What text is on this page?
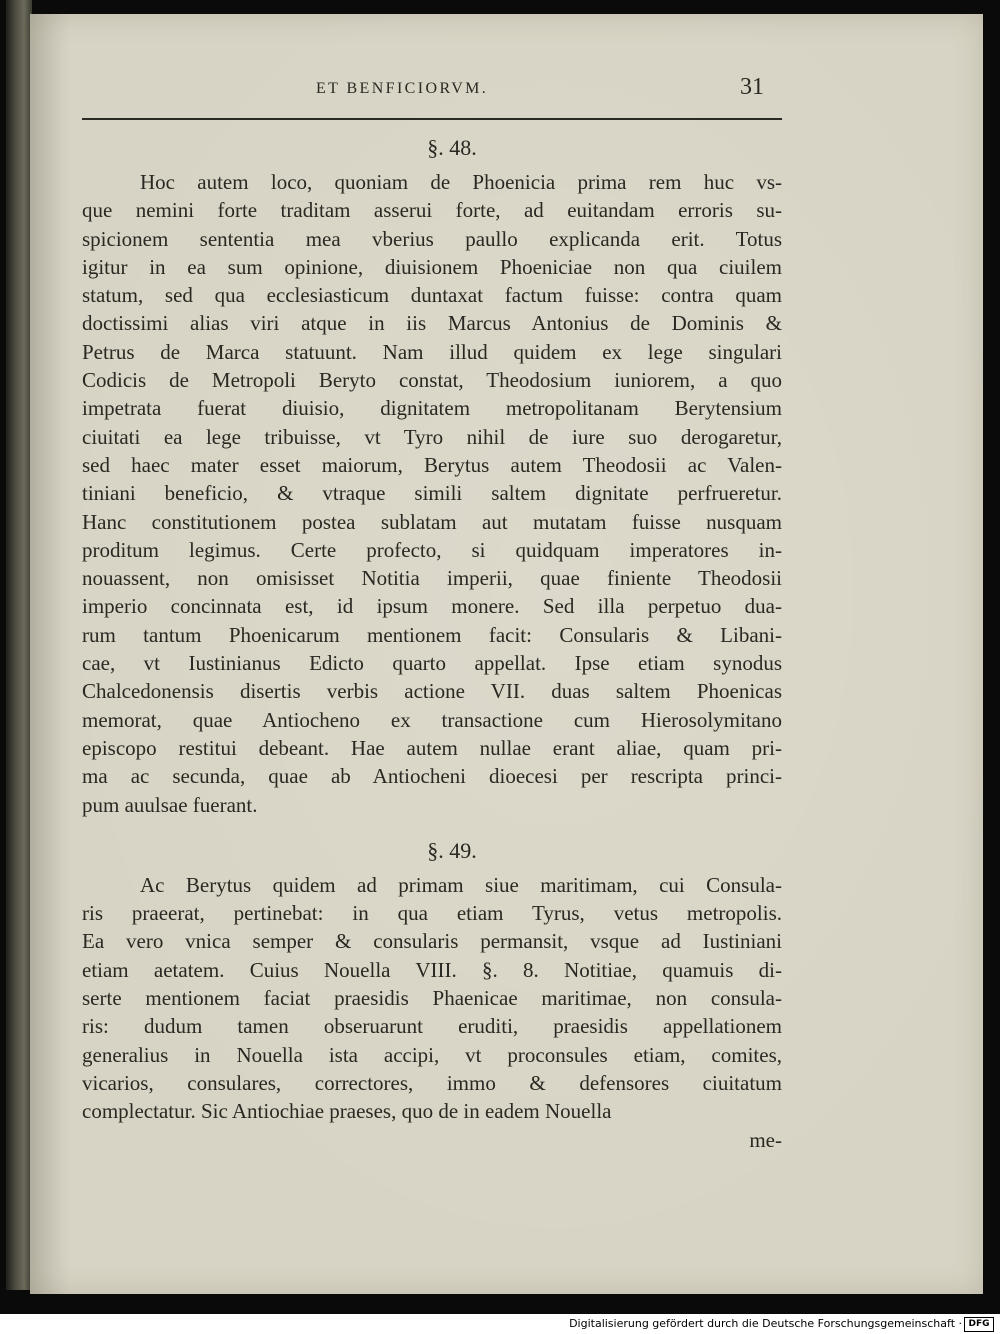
ET BENFICIORVM.	31
§. 48.
Hoc autem loco, quoniam de Phoenicia prima rem huc vs-
que nemini forte traditam asserui forte, ad euitandam erroris su-
spicionem sententia mea vberius paullo explicanda erit. Totus
igitur in ea sum opinione, diuisionem Phoeniciae non qua ciuilem
statum, sed qua ecclesiasticum duntaxat factum fuisse: contra quam
doctissimi alias viri atque in iis Marcus Antonius de Dominis &
Petrus de Marca statuunt. Nam illud quidem ex lege singulari
Codicis de Metropoli Beryto constat, Theodosium iuniorem, a quo
impetrata fuerat diuisio, dignitatem metropolitanam Berytensium
ciuitati ea lege tribuisse, vt Tyro nihil de iure suo derogaretur,
sed haec mater esset maiorum, Berytus autem Theodosii ac Valen-
tiniani beneficio, & vtraque simili saltem dignitate perfrueretur.
Hanc constitutionem postea sublatam aut mutatam fuisse nusquam
proditum legimus. Certe profecto, si quidquam imperatores in-
nouassent, non omisisset Notitia imperii, quae finiente Theodosii
imperio concinnata est, id ipsum monere. Sed illa perpetuo dua-
rum tantum Phoenicarum mentionem facit: Consularis & Libani-
cae, vt Iustinianus Edicto quarto appellat. Ipse etiam synodus
Chalcedonensis disertis verbis actione VII. duas saltem Phoenicas
memorat, quae Antiocheno ex transactione cum Hierosolymitano
episcopo restitui debeant. Hae autem nullae erant aliae, quam pri-
ma ac secunda, quae ab Antiocheni dioecesi per rescripta princi-
pum auulsae fuerant.
§. 49.
Ac Berytus quidem ad primam siue maritimam, cui Consula-
ris praeerat, pertinebat: in qua etiam Tyrus, vetus metropolis.
Ea vero vnica semper & consularis permansit, vsque ad Iustiniani
etiam aetatem. Cuius Nouella VIII. §. 8. Notitiae, quamuis di-
serte mentionem faciat praesidis Phaenicae maritimae, non consula-
ris: dudum tamen obseruarunt eruditi, praesidis appellationem
generalius in Nouella ista accipi, vt proconsules etiam, comites,
vicarios, consulares, correctores, immo & defensores ciuitatum
complectatur. Sic Antiochiae praeses, quo de in eadem Nouella
me-
Digitalisierung gefördert durch die Deutsche Forschungsgemeinschaft · DFG
